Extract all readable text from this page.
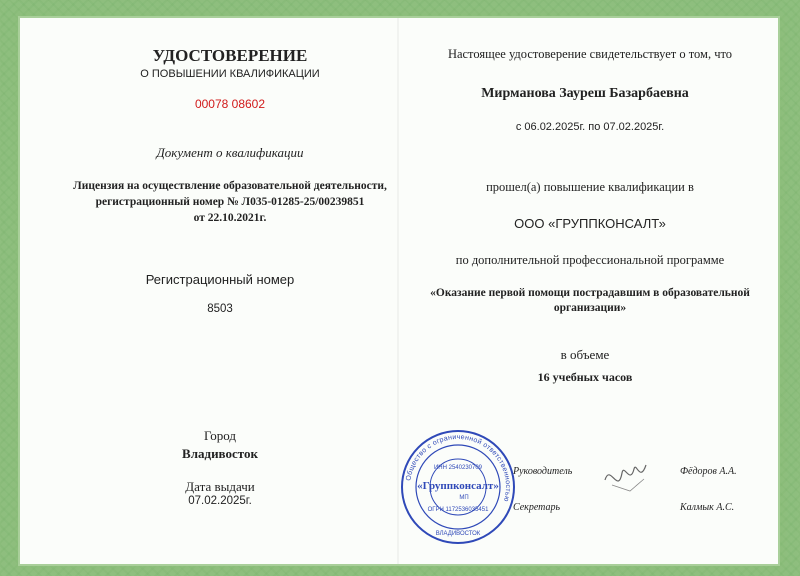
УДОСТОВЕРЕНИЕ
О ПОВЫШЕНИИ КВАЛИФИКАЦИИ
00078 08602
Документ о квалификации
Лицензия на осуществление образовательной деятельности,
регистрационный номер № Л035-01285-25/00239851
от 22.10.2021г.
Регистрационный номер
8503
Город
Владивосток
Дата выдачи
07.02.2025г.
Настоящее удостоверение свидетельствует о том, что
Мирманова Зауреш Базарбаевна
с 06.02.2025г. по 07.02.2025г.
прошел(а) повышение квалификации в
ООО «ГРУППКОНСАЛТ»
по дополнительной профессиональной программе
«Оказание первой помощи пострадавшим в образовательной
организации»
в объеме
16 учебных часов
Общество с ограниченной ответственностью
ИНН 2540230709
«Группконсалт»
МП
ОГРН 1172536035451
ВЛАДИВОСТОК
Руководитель	Фёдоров А.А.
Секретарь	Калмык А.С.
